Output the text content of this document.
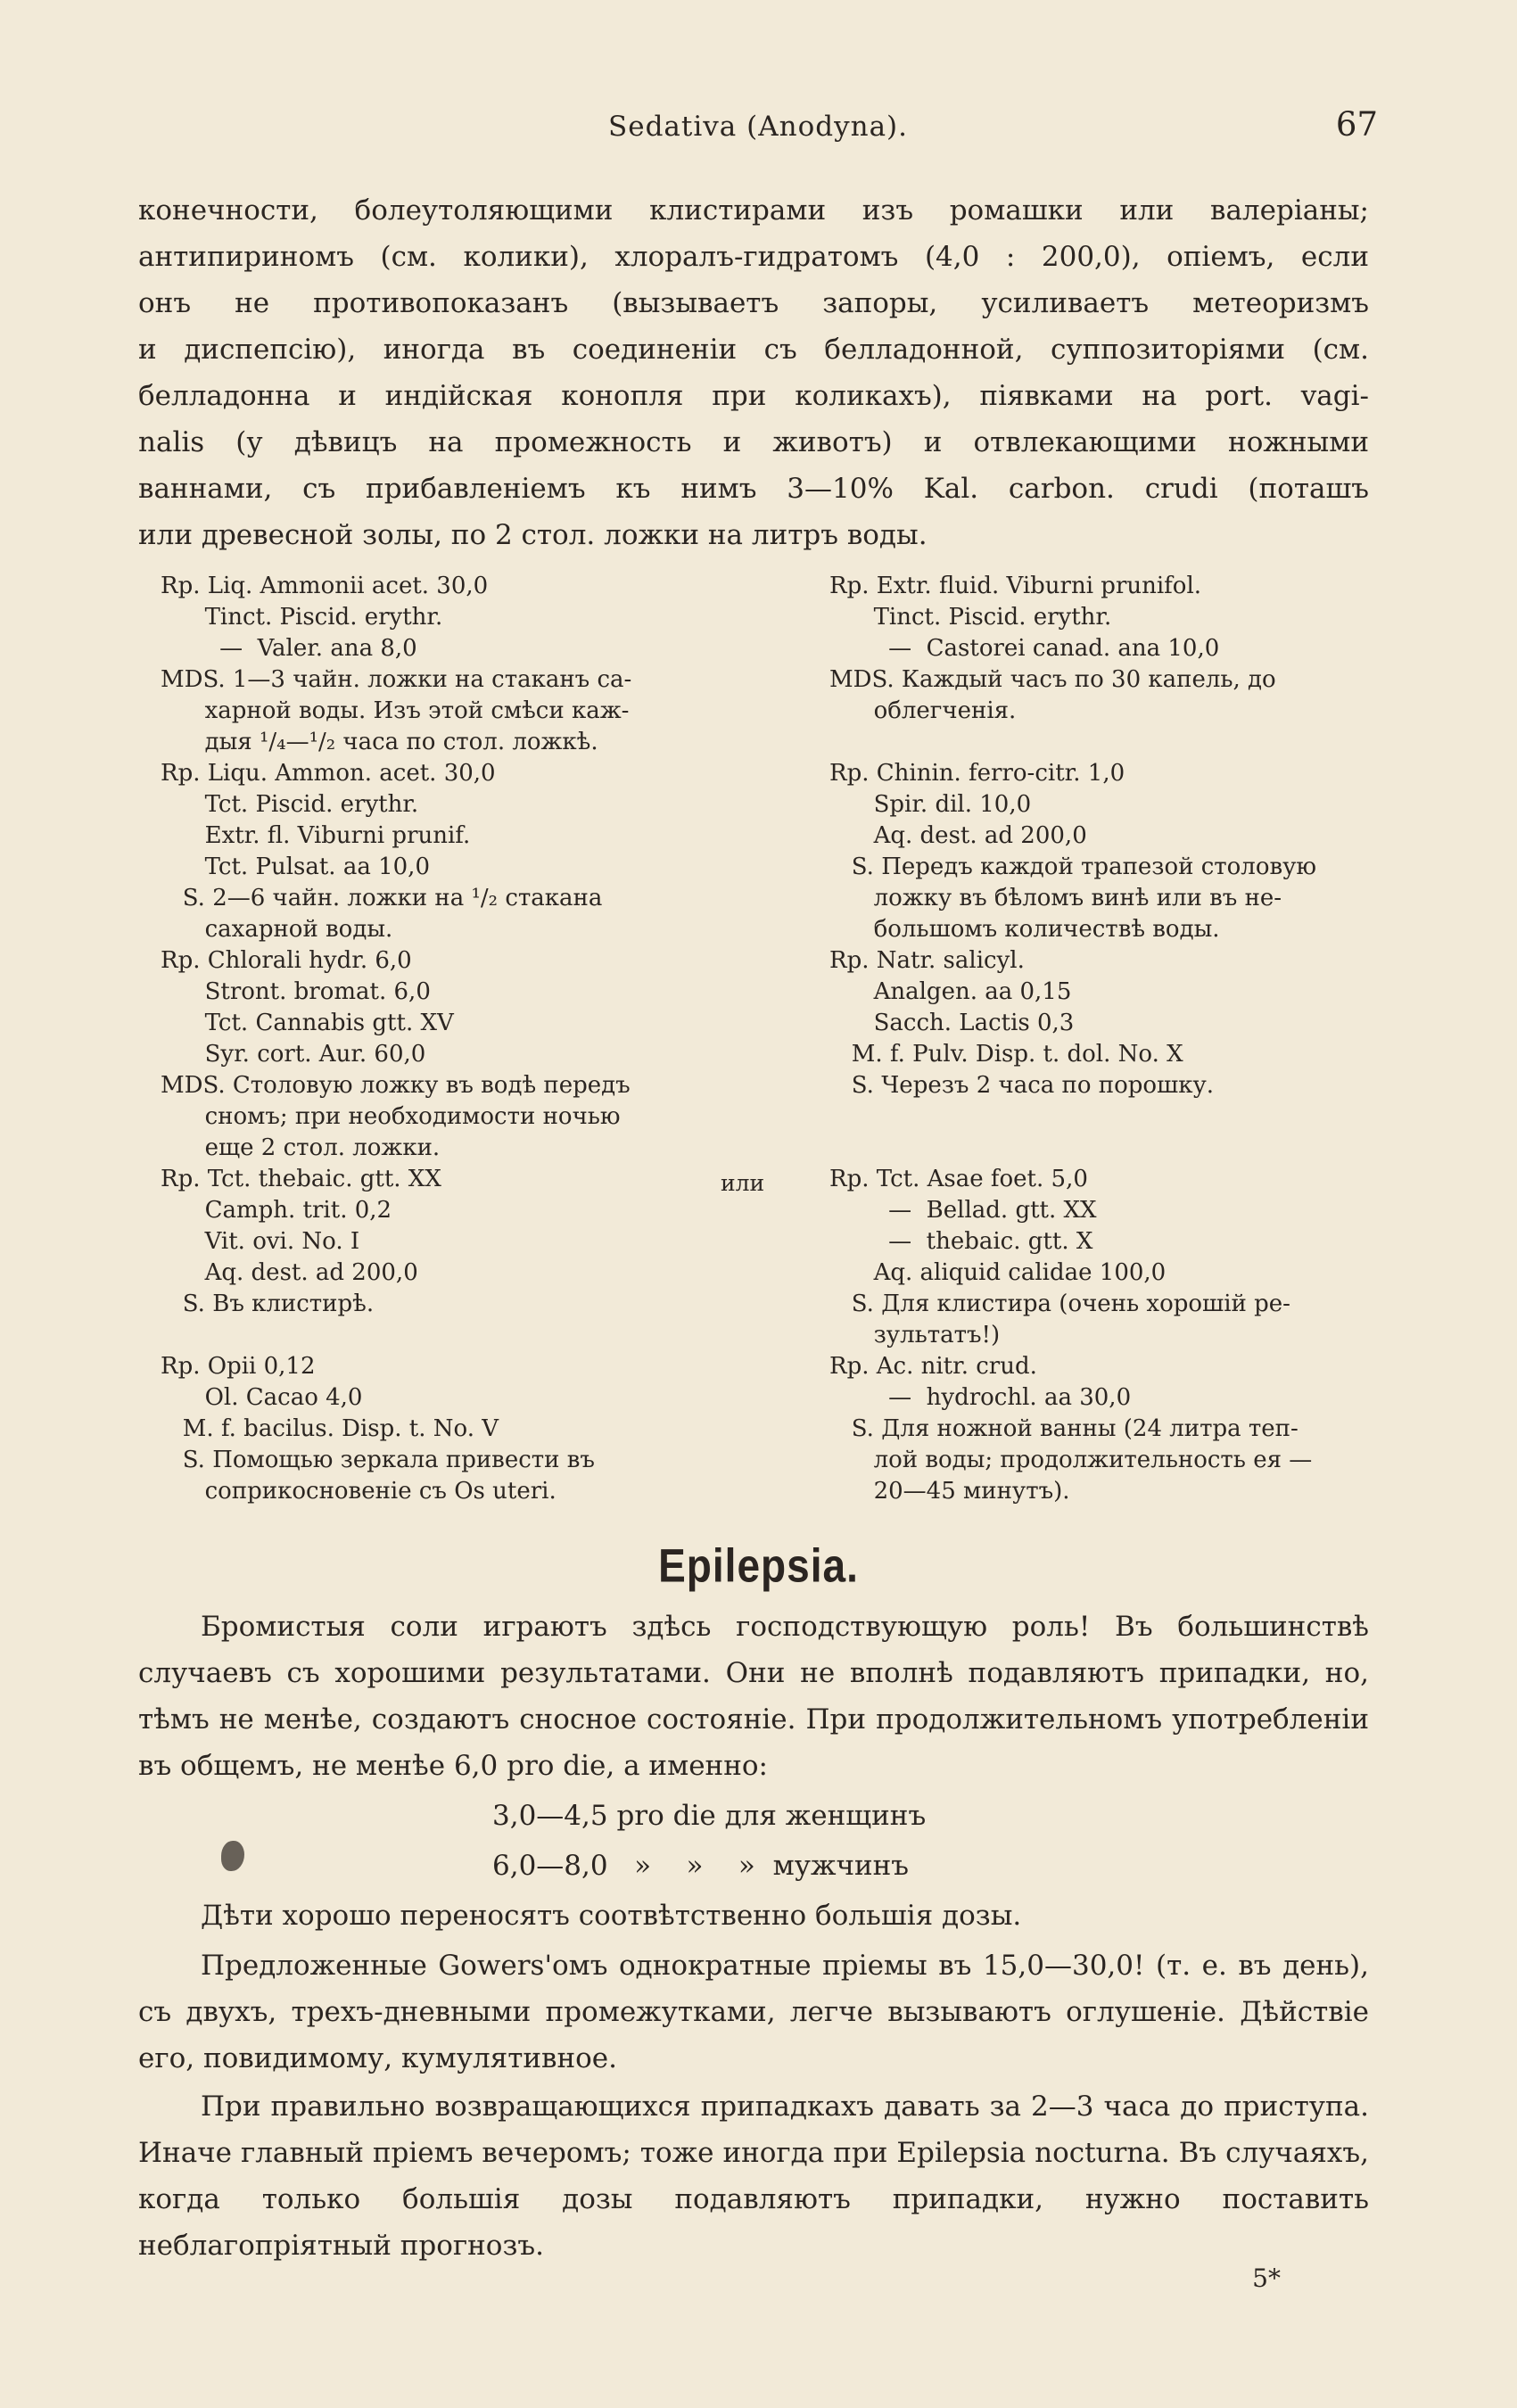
Sedativa (Anodyna).	67
конечности, болеутоляющими клистирами изъ ромашки или валеріаны;
антипириномъ (см. колики), хлоралъ-гидратомъ (4,0 : 200,0), опіемъ, если
онъ не противопоказанъ (вызываетъ запоры, усиливаетъ метеоризмъ
и диспепсію), иногда въ соединеніи съ белладонной, суппозиторіями (см.
белладонна и индійская конопля при коликахъ), піявками на port. vagi-
nalis (у дѣвицъ на промежность и животъ) и отвлекающими ножными
ваннами, съ прибавленіемъ къ нимъ 3—10% Kal. carbon. crudi (поташъ
или древесной золы, по 2 стол. ложки на литръ воды.
Rp. Liq. Ammonii acet. 30,0
Tinct. Piscid. erythr.
—  Valer. ana 8,0
MDS. 1—3 чайн. ложки на стаканъ са-
харной воды. Изъ этой смѣси каж-
дыя ¹/₄—¹/₂ часа по стол. ложкѣ.
Rp. Liqu. Ammon. acet. 30,0
Tct. Piscid. erythr.
Extr. fl. Viburni prunif.
Tct. Pulsat. aa 10,0
S. 2—6 чайн. ложки на ¹/₂ стакана
сахарной воды.
Rp. Chlorali hydr. 6,0
Stront. bromat. 6,0
Tct. Cannabis gtt. XV
Syr. cort. Aur. 60,0
MDS. Столовую ложку въ водѣ передъ
сномъ; при необходимости ночью
еще 2 стол. ложки.
Rp. Tct. thebaic. gtt. XX
Camph. trit. 0,2
Vit. ovi. No. I
Aq. dest. ad 200,0
S. Въ клистирѣ.

Rp. Opii 0,12
Ol. Cacao 4,0
M. f. bacilus. Disp. t. No. V
S. Помощью зеркала привести въ
соприкосновеніе съ Os uteri.
Rp. Extr. fluid. Viburni prunifol.
Tinct. Piscid. erythr.
—  Castorei canad. ana 10,0
MDS. Каждый часъ по 30 капель, до
облегченія.

Rp. Chinin. ferro-citr. 1,0
Spir. dil. 10,0
Aq. dest. ad 200,0
S. Передъ каждой трапезой столовую
ложку въ бѣломъ винѣ или въ не-
большомъ количествѣ воды.
Rp. Natr. salicyl.
Analgen. aa 0,15
Sacch. Lactis 0,3
M. f. Pulv. Disp. t. dol. No. X
S. Черезъ 2 часа по порошку.

Rp. Tct. Asae foet. 5,0
—  Bellad. gtt. XX
—  thebaic. gtt. X
Aq. aliquid calidae 100,0
S. Для клистира (очень хорошій ре-
зультатъ!)
Rp. Ac. nitr. crud.
—  hydrochl. aa 30,0
S. Для ножной ванны (24 литра теп-
лой воды; продолжительность ея —
20—45 минутъ).
или
Epilepsia.

Бромистыя соли играютъ здѣсь господствующую роль! Въ большинствѣ случаевъ съ хорошими результатами. Они не вполнѣ подавляютъ припадки, но, тѣмъ не менѣе, создаютъ сносное состояніе. При продолжительномъ употребленіи въ общемъ, не менѣе 6,0 pro die, а именно:

3,0—4,5 pro die для женщинъ
6,0—8,0   »    »    »  мужчинъ

Дѣти хорошо переносятъ соотвѣтственно большія дозы.

Предложенные Gowers'омъ однократные пріемы въ 15,0—30,0! (т. е. въ день), съ двухъ, трехъ-дневными промежутками, легче вызываютъ оглушеніе. Дѣйствіе его, повидимому, кумулятивное.

При правильно возвращающихся припадкахъ давать за 2—3 часа до приступа. Иначе главный пріемъ вечеромъ; тоже иногда при Epilepsia nocturna. Въ случаяхъ, когда только большія дозы подавляютъ припадки, нужно поставить неблагопріятный прогнозъ.

5*
